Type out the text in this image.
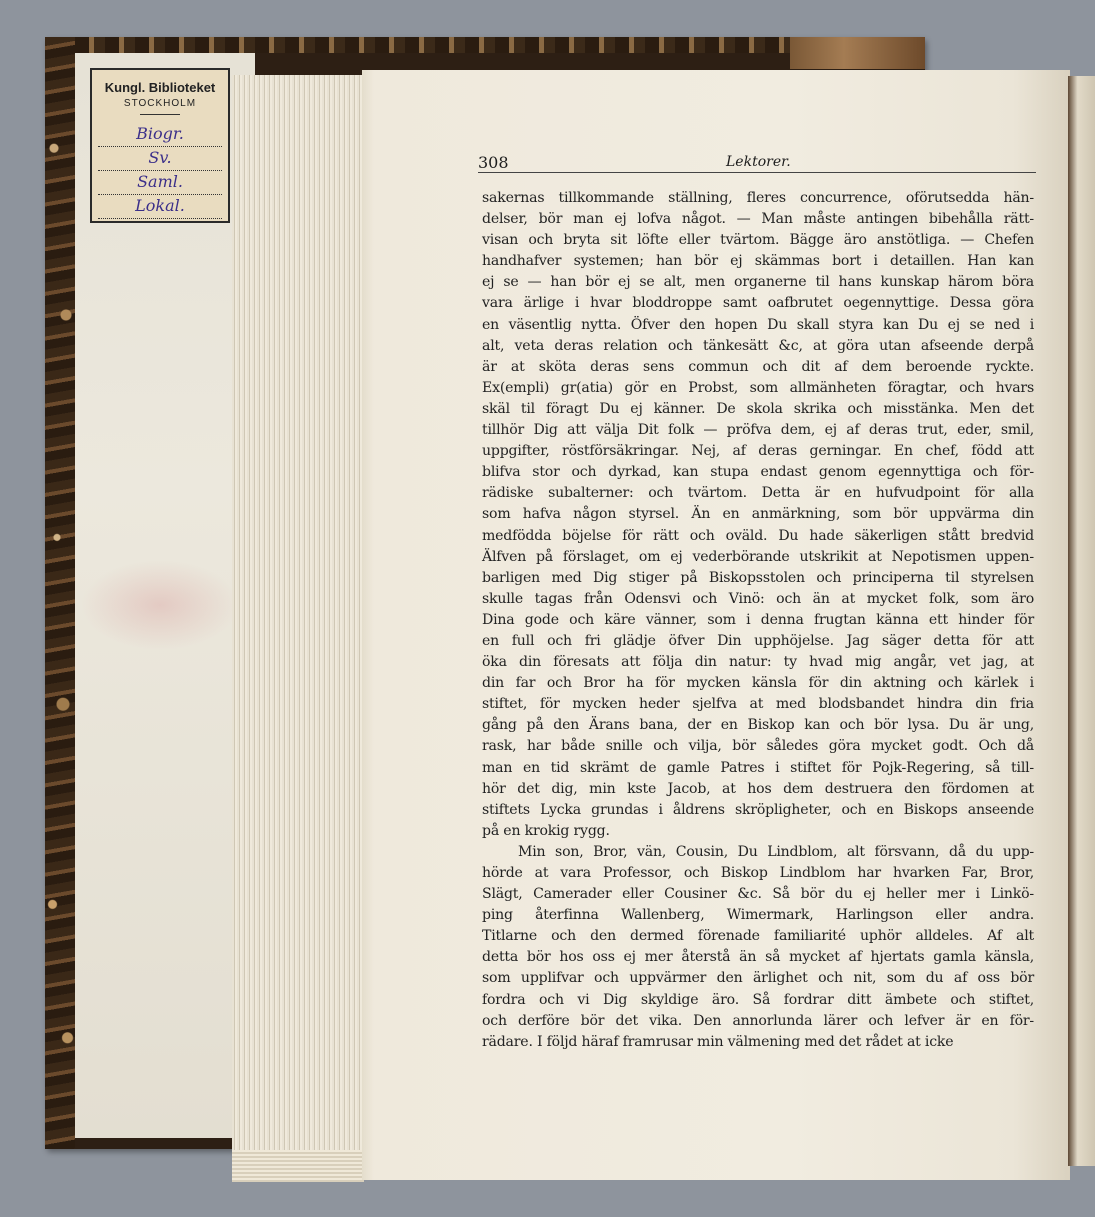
Kungl. Biblioteket
STOCKHOLM
Biogr.
Sv.
Saml.
Lokal.
308	Lektorer.
sakernas tillkommande ställning, fleres concurrence, oförutsedda hän-
delser, bör man ej lofva något. — Man måste antingen bibehålla rätt-
visan och bryta sit löfte eller tvärtom. Bägge äro anstötliga. — Chefen
handhafver systemen; han bör ej skämmas bort i detaillen. Han kan
ej se — han bör ej se alt, men organerne til hans kunskap härom böra
vara ärlige i hvar bloddroppe samt oafbrutet oegennyttige. Dessa göra
en väsentlig nytta. Öfver den hopen Du skall styra kan Du ej se ned i
alt, veta deras relation och tänkesätt &c, at göra utan afseende derpå
är at sköta deras sens commun och dit af dem beroende ryckte.
Ex(empli) gr(atia) gör en Probst, som allmänheten föragtar, och hvars
skäl til föragt Du ej känner. De skola skrika och misstänka. Men det
tillhör Dig att välja Dit folk — pröfva dem, ej af deras trut, eder, smil,
uppgifter, röstförsäkringar. Nej, af deras gerningar. En chef, född att
blifva stor och dyrkad, kan stupa endast genom egennyttiga och för-
rädiske subalterner: och tvärtom. Detta är en hufvudpoint för alla
som hafva någon styrsel. Än en anmärkning, som bör uppvärma din
medfödda böjelse för rätt och oväld. Du hade säkerligen stått bredvid
Älfven på förslaget, om ej vederbörande utskrikit at Nepotismen uppen-
barligen med Dig stiger på Biskopsstolen och principerna til styrelsen
skulle tagas från Odensvi och Vinö: och än at mycket folk, som äro
Dina gode och käre vänner, som i denna frugtan känna ett hinder för
en full och fri glädje öfver Din upphöjelse. Jag säger detta för att
öka din föresats att följa din natur: ty hvad mig angår, vet jag, at
din far och Bror ha för mycken känsla för din aktning och kärlek i
stiftet, för mycken heder sjelfva at med blodsbandet hindra din fria
gång på den Ärans bana, der en Biskop kan och bör lysa. Du är ung,
rask, har både snille och vilja, bör således göra mycket godt. Och då
man en tid skrämt de gamle Patres i stiftet för Pojk-Regering, så till-
hör det dig, min kste Jacob, at hos dem destruera den fördomen at
stiftets Lycka grundas i åldrens skröpligheter, och en Biskops anseende
på en krokig rygg.
Min son, Bror, vän, Cousin, Du Lindblom, alt försvann, då du upp-
hörde at vara Professor, och Biskop Lindblom har hvarken Far, Bror,
Slägt, Camerader eller Cousiner &c. Så bör du ej heller mer i Linkö-
ping återfinna Wallenberg, Wimermark, Harlingson eller andra.
Titlarne och den dermed förenade familiarité uphör alldeles. Af alt
detta bör hos oss ej mer återstå än så mycket af hjertats gamla känsla,
som upplifvar och uppvärmer den ärlighet och nit, som du af oss bör
fordra och vi Dig skyldige äro. Så fordrar ditt ämbete och stiftet,
och derföre bör det vika. Den annorlunda lärer och lefver är en för-
rädare. I följd häraf framrusar min välmening med det rådet at icke
